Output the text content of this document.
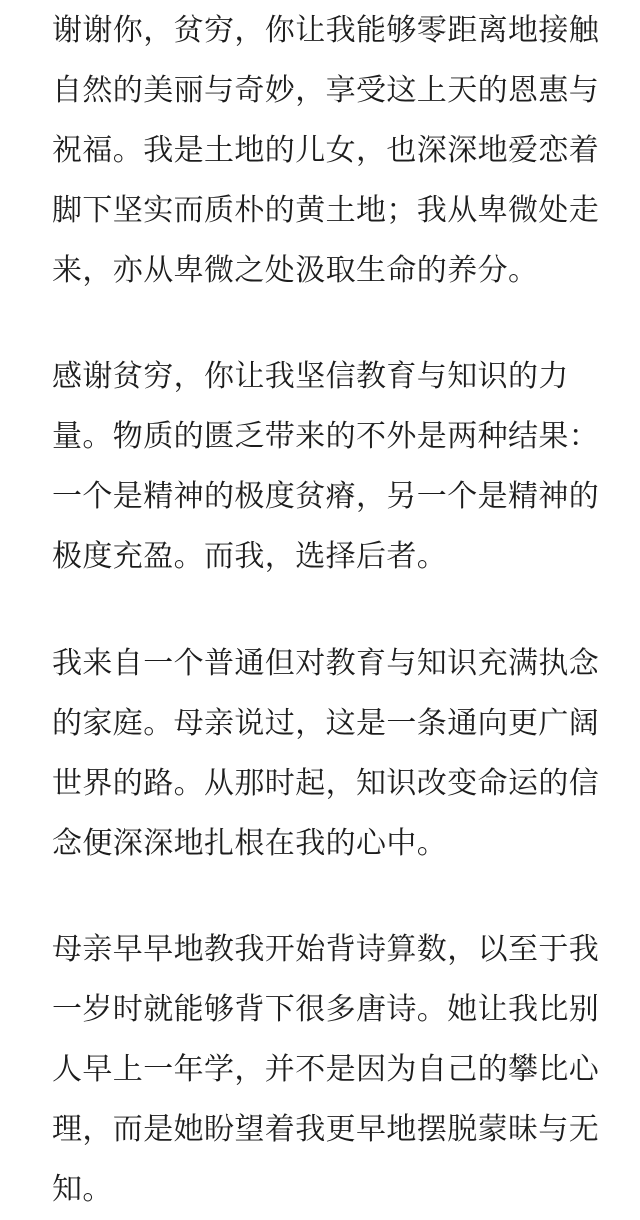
谢谢你，贫穷，你让我能够零距离地接触
自然的美丽与奇妙，享受这上天的恩惠与
祝福。我是土地的儿女，也深深地爱恋着
脚下坚实而质朴的黄土地；我从卑微处走
来，亦从卑微之处汲取生命的养分。

感谢贫穷，你让我坚信教育与知识的力
量。物质的匮乏带来的不外是两种结果：
一个是精神的极度贫瘠，另一个是精神的
极度充盈。而我，选择后者。

我来自一个普通但对教育与知识充满执念
的家庭。母亲说过，这是一条通向更广阔
世界的路。从那时起，知识改变命运的信
念便深深地扎根在我的心中。

母亲早早地教我开始背诗算数，以至于我
一岁时就能够背下很多唐诗。她让我比别
人早上一年学，并不是因为自己的攀比心
理，而是她盼望着我更早地摆脱蒙昧与无
知。
